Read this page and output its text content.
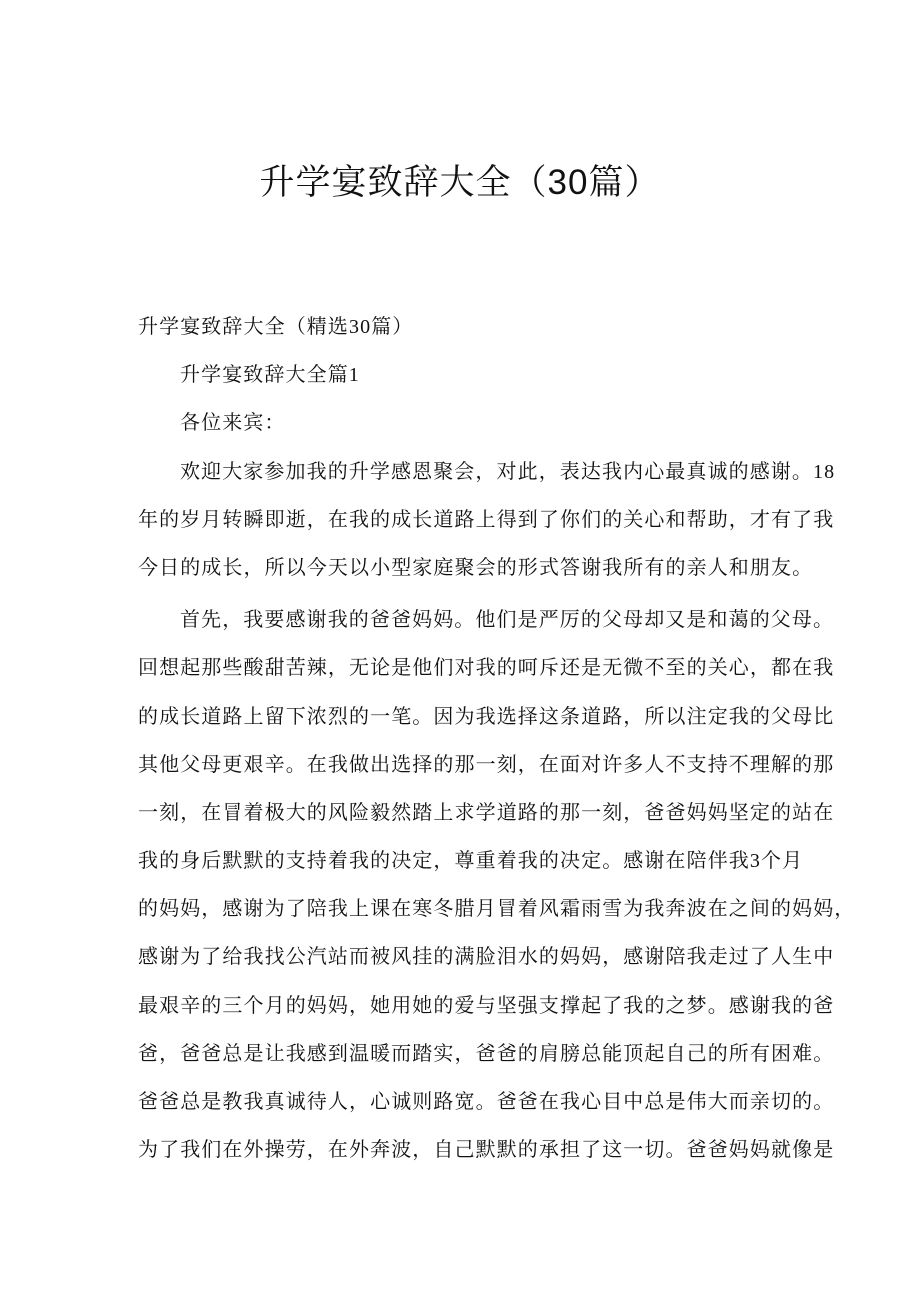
升学宴致辞大全（30篇）
升学宴致辞大全（精选30篇）
升学宴致辞大全篇1
各位来宾：
欢迎大家参加我的升学感恩聚会，对此，表达我内心最真诚的感谢。18
年的岁月转瞬即逝，在我的成长道路上得到了你们的关心和帮助，才有了我
今日的成长，所以今天以小型家庭聚会的形式答谢我所有的亲人和朋友。
首先，我要感谢我的爸爸妈妈。他们是严厉的父母却又是和蔼的父母。
回想起那些酸甜苦辣，无论是他们对我的呵斥还是无微不至的关心，都在我
的成长道路上留下浓烈的一笔。因为我选择这条道路，所以注定我的父母比
其他父母更艰辛。在我做出选择的那一刻，在面对许多人不支持不理解的那
一刻，在冒着极大的风险毅然踏上求学道路的那一刻，爸爸妈妈坚定的站在
我的身后默默的支持着我的决定，尊重着我的决定。感谢在陪伴我3个月
的妈妈，感谢为了陪我上课在寒冬腊月冒着风霜雨雪为我奔波在之间的妈妈，
感谢为了给我找公汽站而被风挂的满脸泪水的妈妈，感谢陪我走过了人生中
最艰辛的三个月的妈妈，她用她的爱与坚强支撑起了我的之梦。感谢我的爸
爸，爸爸总是让我感到温暖而踏实，爸爸的肩膀总能顶起自己的所有困难。
爸爸总是教我真诚待人，心诚则路宽。爸爸在我心目中总是伟大而亲切的。
为了我们在外操劳，在外奔波，自己默默的承担了这一切。爸爸妈妈就像是
